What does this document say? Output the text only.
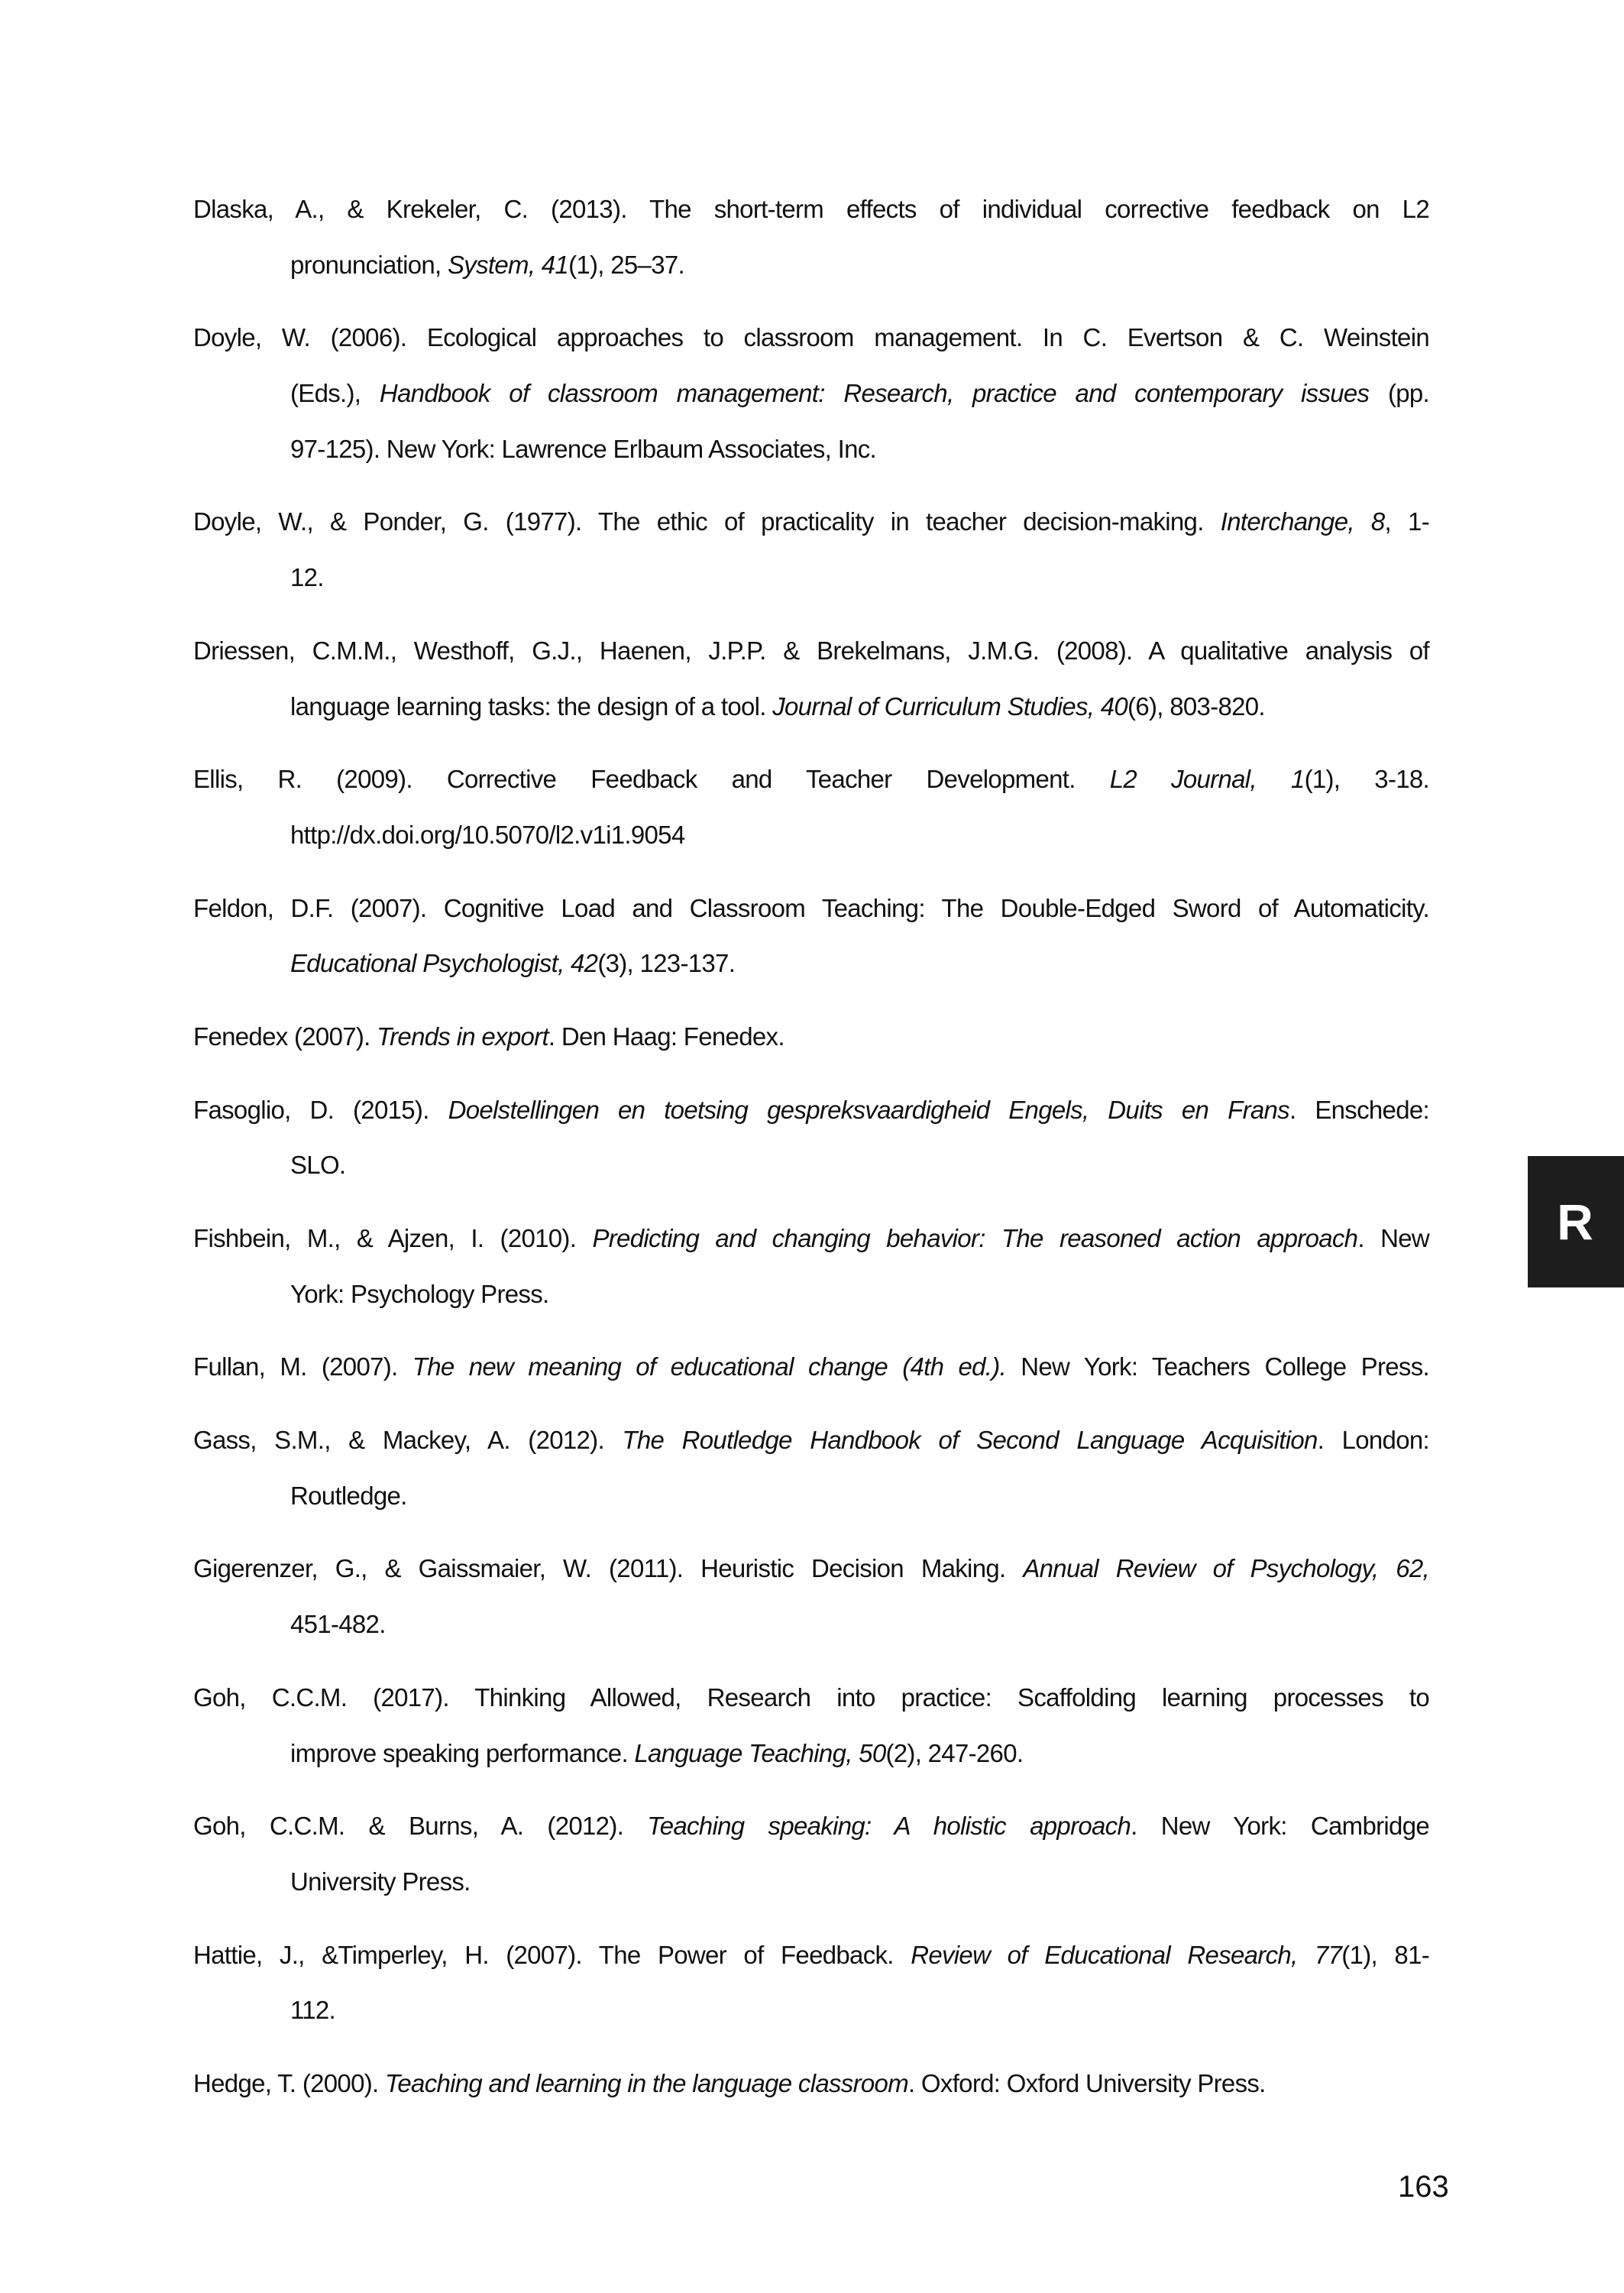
Dlaska, A., & Krekeler, C. (2013). The short-term effects of individual corrective feedback on L2
pronunciation, System, 41(1), 25–37.
Doyle, W. (2006). Ecological approaches to classroom management. In C. Evertson & C. Weinstein
(Eds.), Handbook of classroom management: Research, practice and contemporary issues (pp.
97-125). New York: Lawrence Erlbaum Associates, Inc.
Doyle, W., & Ponder, G. (1977). The ethic of practicality in teacher decision-making. Interchange, 8, 1-
12.
Driessen, C.M.M., Westhoff, G.J., Haenen, J.P.P. & Brekelmans, J.M.G. (2008). A qualitative analysis of
language learning tasks: the design of a tool. Journal of Curriculum Studies, 40(6), 803-820.
Ellis, R. (2009). Corrective Feedback and Teacher Development. L2 Journal, 1(1), 3-18.
http://dx.doi.org/10.5070/l2.v1i1.9054
Feldon, D.F. (2007). Cognitive Load and Classroom Teaching: The Double-Edged Sword of Automaticity.
Educational Psychologist, 42(3), 123-137.
Fenedex (2007). Trends in export. Den Haag: Fenedex.
Fasoglio, D. (2015). Doelstellingen en toetsing gespreksvaardigheid Engels, Duits en Frans. Enschede:
SLO.
Fishbein, M., & Ajzen, I. (2010). Predicting and changing behavior: The reasoned action approach. New
York: Psychology Press.
Fullan, M. (2007). The new meaning of educational change (4th ed.). New York: Teachers College Press.
Gass, S.M., & Mackey, A. (2012). The Routledge Handbook of Second Language Acquisition. London:
Routledge.
Gigerenzer, G., & Gaissmaier, W. (2011). Heuristic Decision Making. Annual Review of Psychology, 62,
451-482.
Goh, C.C.M. (2017). Thinking Allowed, Research into practice: Scaffolding learning processes to
improve speaking performance. Language Teaching, 50(2), 247-260.
Goh, C.C.M. & Burns, A. (2012). Teaching speaking: A holistic approach. New York: Cambridge
University Press.
Hattie, J., &Timperley, H. (2007). The Power of Feedback. Review of Educational Research, 77(1), 81-
112.
Hedge, T. (2000). Teaching and learning in the language classroom. Oxford: Oxford University Press.
R
163
